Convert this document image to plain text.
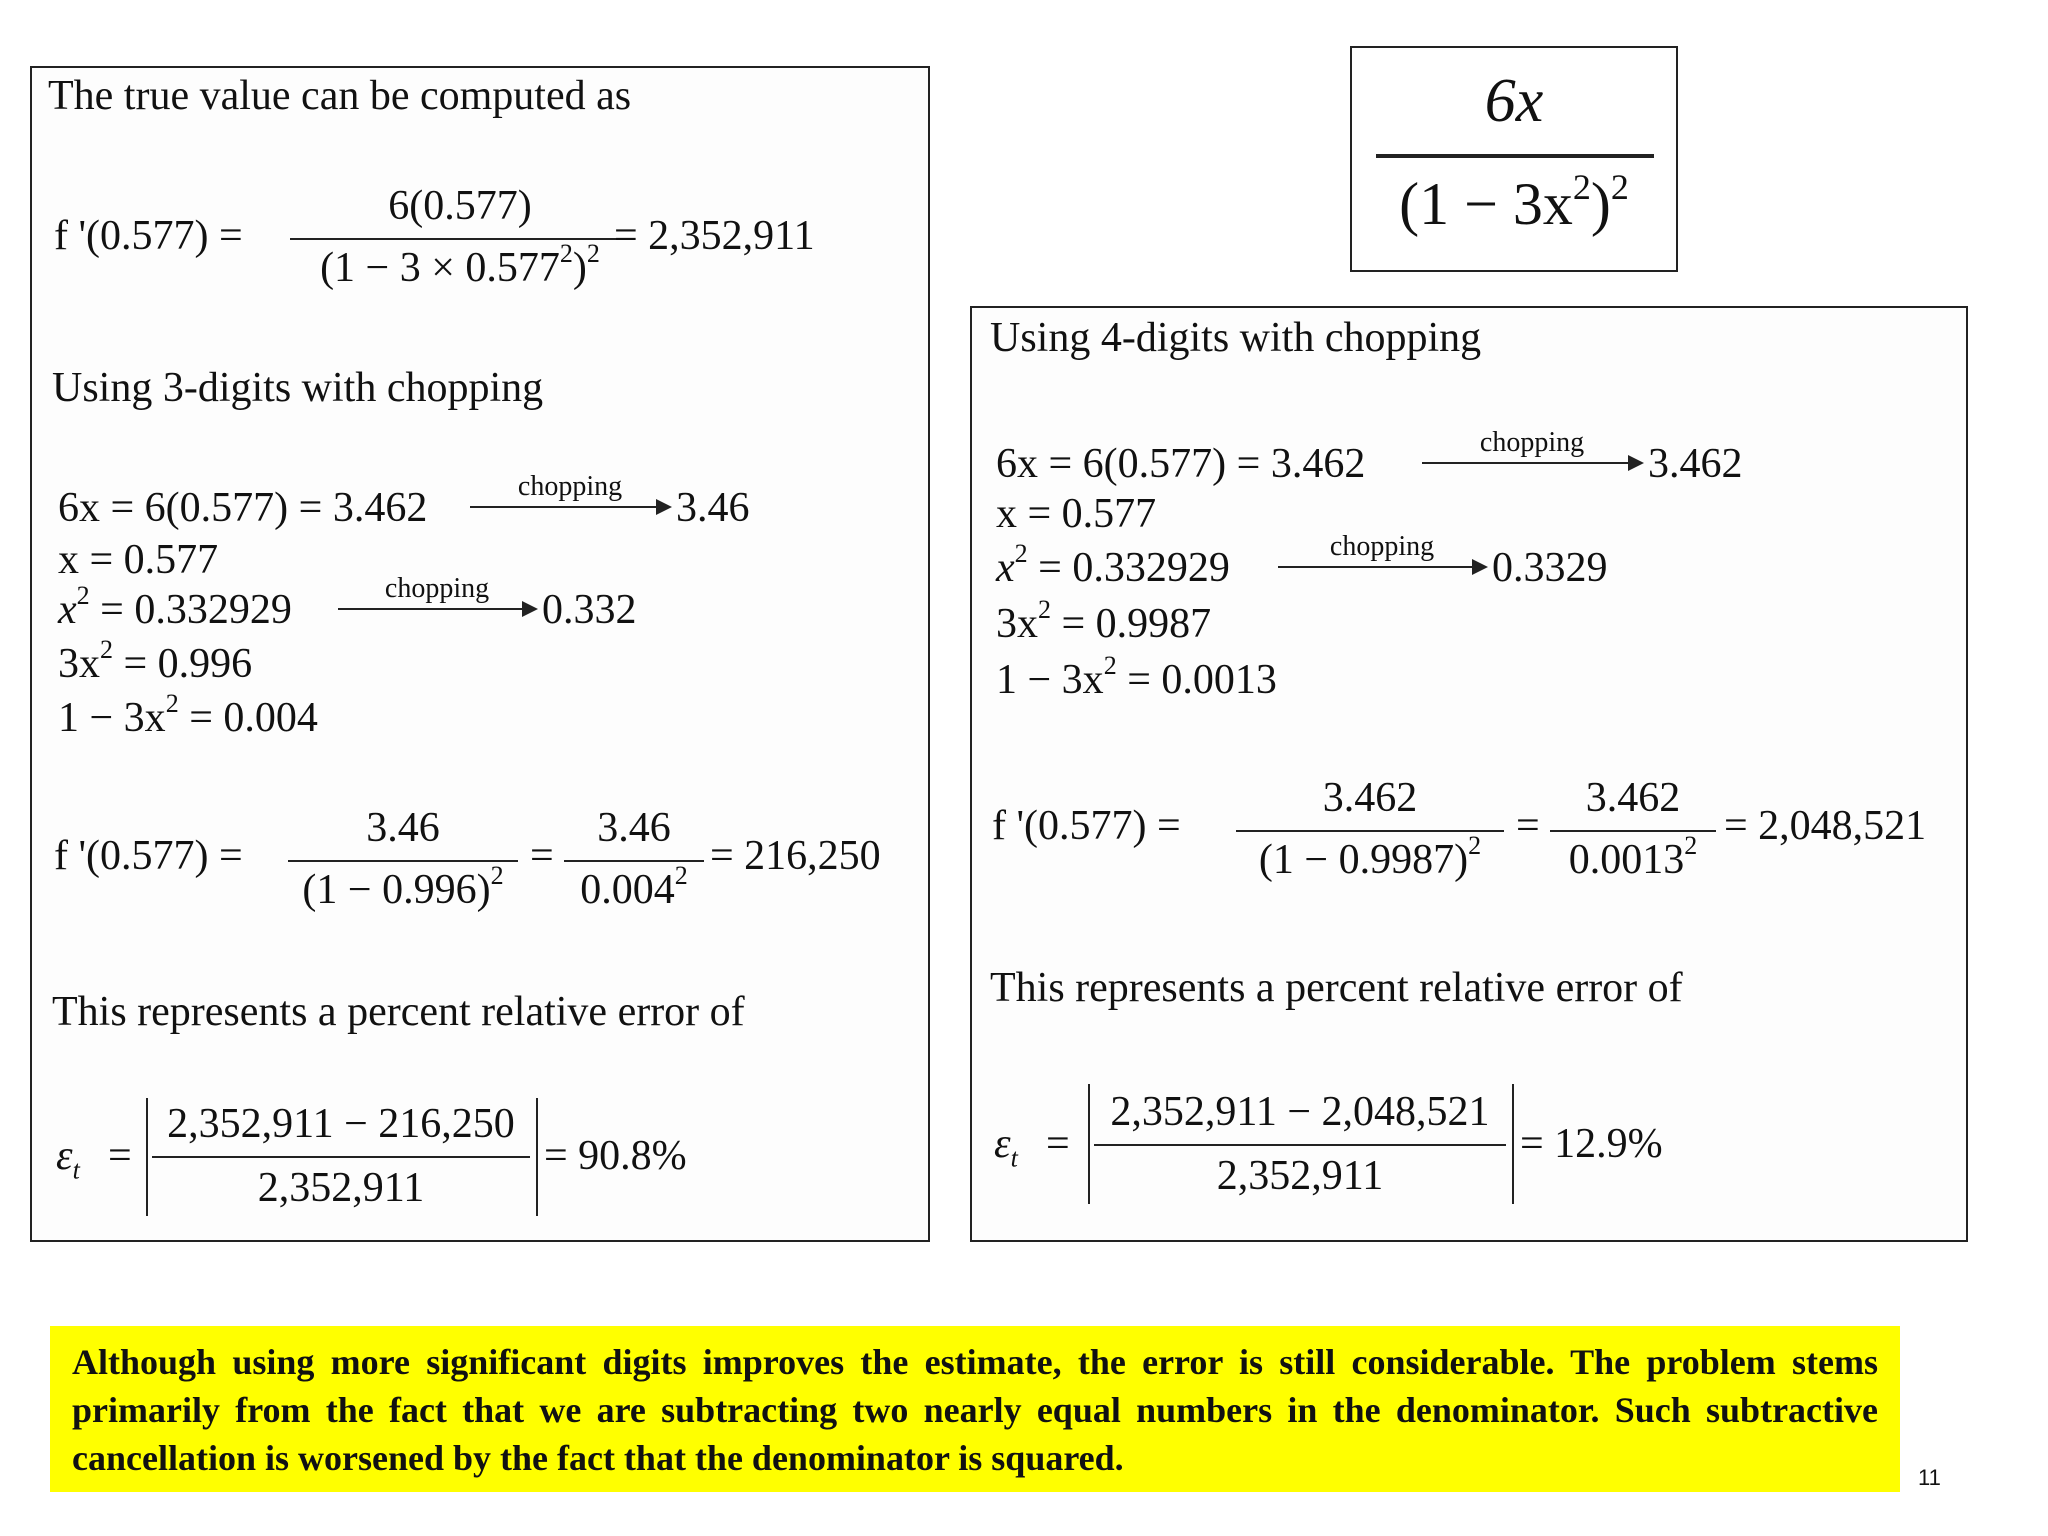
6x
$(1 - 3x^2)^2$
The true value can be computed as
f '(0.577) =
6(0.577)
$(1 - 3 \times 0.577^2)^2 = 2,352,911$
Using 3-digits with chopping
6x = 6(0.577) = 3.462	chopping	3.46
x = 0.577
$x^2 = 0.332929$	chopping	0.332
$3x^2 = 0.996$
$1 - 3x^2 = 0.004$
f '(0.577) =
3.46
$(1 - 0.996)^2$ =
3.46
$0.004^2 = 216,250$
This represents a percent relative error of
$\varepsilon_t$ =
2,352,911 − 216,250
2,352,911
= 90.8%
Using 4-digits with chopping
6x = 6(0.577) = 3.462	chopping	3.462
x = 0.577
$x^2 = 0.332929$	chopping	0.3329
$3x^2 = 0.9987$
$1 - 3x^2 = 0.0013$
f '(0.577) =
3.462
$(1 - 0.9987)^2$ =
3.462
$0.0013^2 = 2,048,521$
This represents a percent relative error of
$\varepsilon_t$ =
2,352,911 − 2,048,521
2,352,911
= 12.9%
Although using more significant digits improves the estimate, the error is still considerable. The problem stems primarily from the fact that we are subtracting two nearly equal numbers in the denominator. Such subtractive cancellation is worsened by the fact that the denominator is squared.	11
